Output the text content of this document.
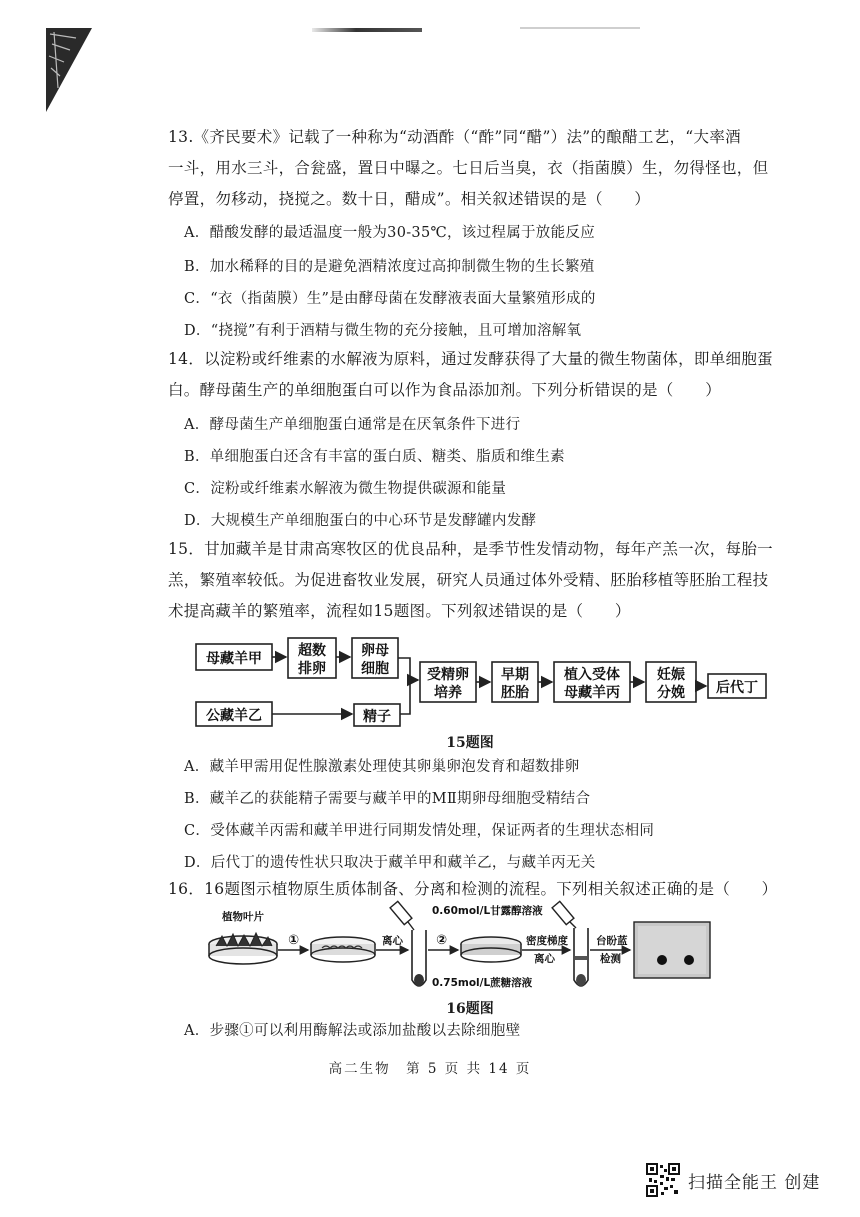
13.《齐民要术》记载了一种称为“动酒酢（“酢”同“醋”）法”的酿醋工艺，“大率酒
一斗，用水三斗，合瓮盛，置日中曝之。七日后当臭，衣（指菌膜）生，勿得怪也，但
停置，勿移动，挠搅之。数十日，醋成”。相关叙述错误的是（　　）
A．醋酸发酵的最适温度一般为30-35℃，该过程属于放能反应
B．加水稀释的目的是避免酒精浓度过高抑制微生物的生长繁殖
C．“衣（指菌膜）生”是由酵母菌在发酵液表面大量繁殖形成的
D．“挠搅”有利于酒精与微生物的充分接触，且可增加溶解氧
14．以淀粉或纤维素的水解液为原料，通过发酵获得了大量的微生物菌体，即单细胞蛋
白。酵母菌生产的单细胞蛋白可以作为食品添加剂。下列分析错误的是（　　）
A．酵母菌生产单细胞蛋白通常是在厌氧条件下进行
B．单细胞蛋白还含有丰富的蛋白质、糖类、脂质和维生素
C．淀粉或纤维素水解液为微生物提供碳源和能量
D．大规模生产单细胞蛋白的中心环节是发酵罐内发酵
15．甘加藏羊是甘肃高寒牧区的优良品种，是季节性发情动物，每年产羔一次，每胎一
羔，繁殖率较低。为促进畜牧业发展，研究人员通过体外受精、胚胎移植等胚胎工程技
术提高藏羊的繁殖率，流程如15题图。下列叙述错误的是（　　）
母藏羊甲	超数
排卵
卵母
细胞
公藏羊乙	精子
受精卵
培养
早期
胚胎
植入受体
母藏羊丙
妊娠
分娩 后代丁
15题图
A．藏羊甲需用促性腺激素处理使其卵巢卵泡发育和超数排卵
B．藏羊乙的获能精子需要与藏羊甲的MⅡ期卵母细胞受精结合
C．受体藏羊丙需和藏羊甲进行同期发情处理，保证两者的生理状态相同
D．后代丁的遗传性状只取决于藏羊甲和藏羊乙，与藏羊丙无关
16．16题图示植物原生质体制备、分离和检测的流程。下列相关叙述正确的是（　　）
植物叶片
①	离心	②
0.60mol/L甘露醇溶液
密度梯度
离心
0.75mol/L蔗糖溶液
台盼蓝
检测
16题图
A．步骤①可以利用酶解法或添加盐酸以去除细胞壁
高二生物　第 5 页 共 14 页
扫描全能王 创建
